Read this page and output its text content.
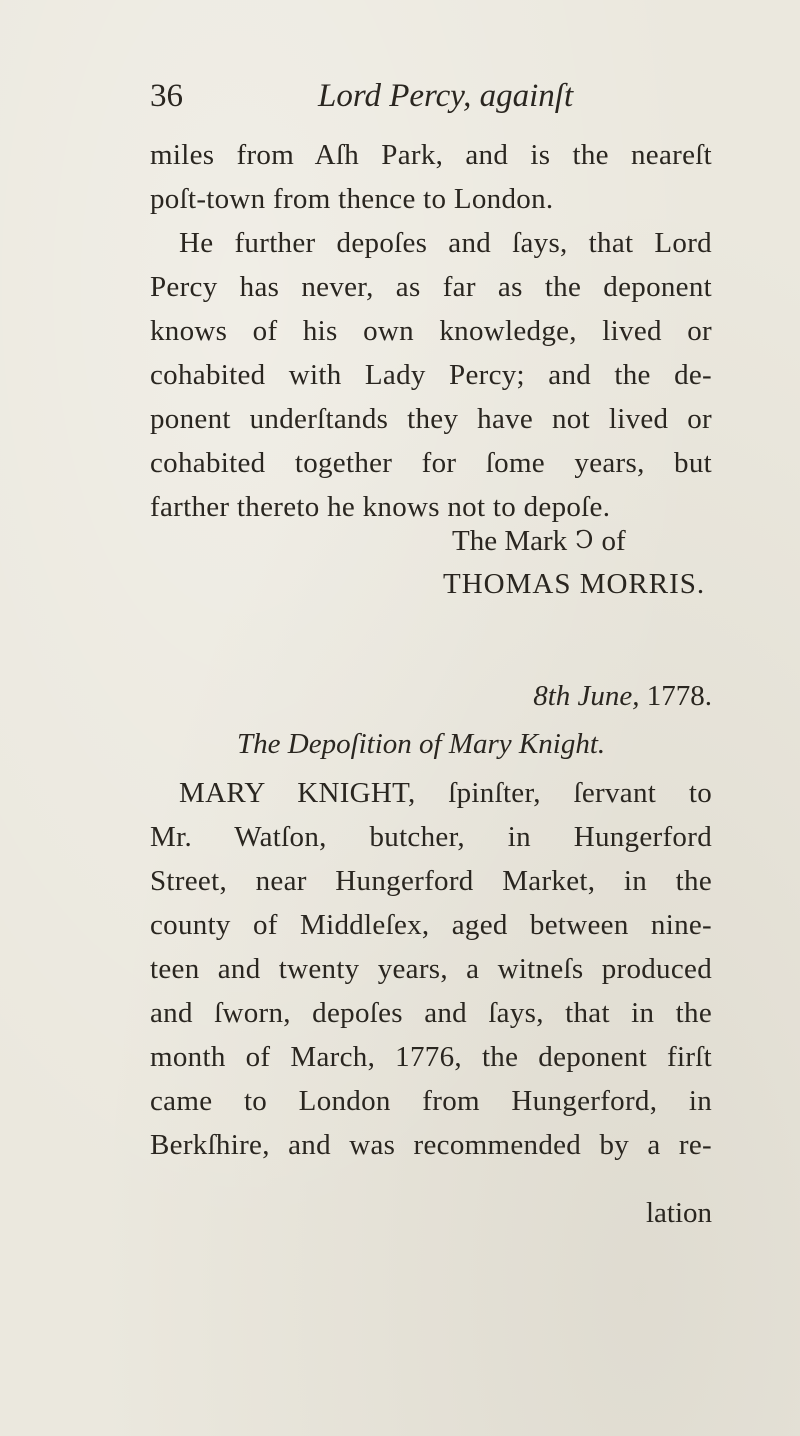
36	Lord Percy, againſt
miles from Aſh Park, and is the neareſt
poſt-town from thence to London.
He further depoſes and ſays, that Lord
Percy has never, as far as the deponent
knows of his own knowledge, lived or
cohabited with Lady Percy; and the de-
ponent underſtands they have not lived or
cohabited together for ſome years, but
farther thereto he knows not to depoſe.
The Mark Ↄ of
THOMAS MORRIS.
8th June, 1778.
The Depoſition of Mary Knight.
MARY KNIGHT, ſpinſter, ſervant to
Mr. Watſon, butcher, in Hungerford
Street, near Hungerford Market, in the
county of Middleſex, aged between nine-
teen and twenty years, a witneſs produced
and ſworn, depoſes and ſays, that in the
month of March, 1776, the deponent firſt
came to London from Hungerford, in
Berkſhire, and was recommended by a re-
lation
